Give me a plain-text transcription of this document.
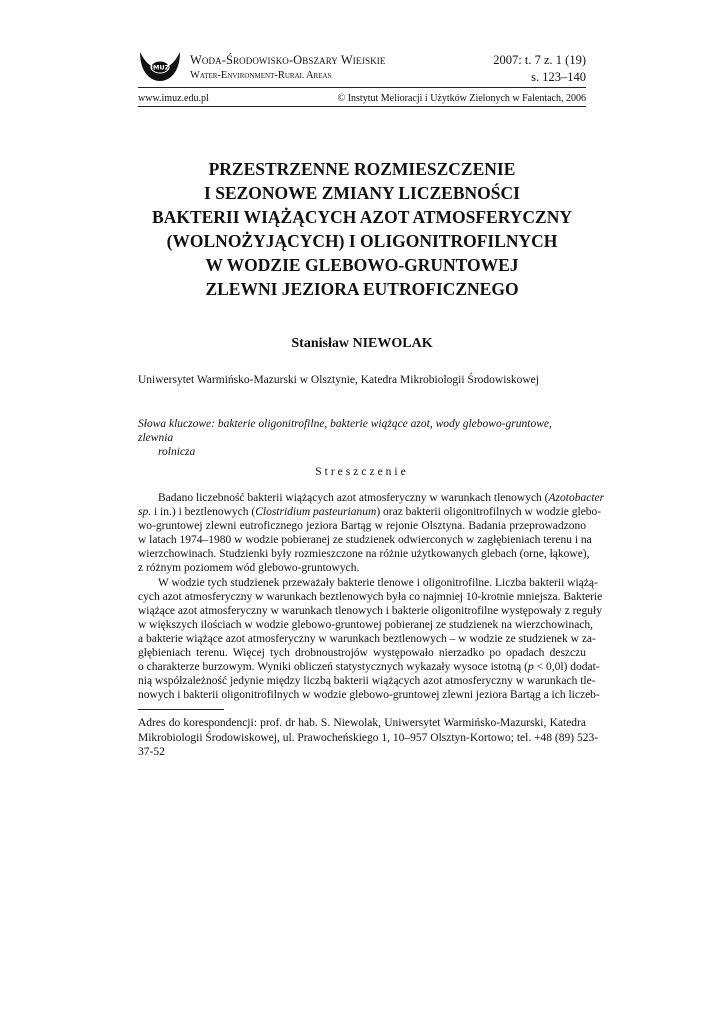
IMUZ
Woda-Środowisko-Obszary Wiejskie
Water-Environment-Rural Areas
2007: t. 7 z. 1 (19)
s. 123–140
www.imuz.edu.pl	© Instytut Melioracji i Użytków Zielonych w Falentach, 2006
PRZESTRZENNE ROZMIESZCZENIE
I SEZONOWE ZMIANY LICZEBNOŚCI
BAKTERII WIĄŻĄCYCH AZOT ATMOSFERYCZNY
(WOLNOŻYJĄCYCH) I OLIGONITROFILNYCH
W WODZIE GLEBOWO-GRUNTOWEJ
ZLEWNI JEZIORA EUTROFICZNEGO
Stanisław NIEWOLAK
Uniwersytet Warmińsko-Mazurski w Olsztynie, Katedra Mikrobiologii Środowiskowej
Słowa kluczowe: bakterie oligonitrofilne, bakterie wiążące azot, wody glebowo-gruntowe, zlewnia
rolnicza
Streszczenie
Badano liczebność bakterii wiążących azot atmosferyczny w warunkach tlenowych (Azotobacter
sp. i in.) i beztlenowych (Clostridium pasteurianum) oraz bakterii oligonitrofilnych w wodzie glebo-
wo-gruntowej zlewni eutroficznego jeziora Bartąg w rejonie Olsztyna. Badania przeprowadzono
w latach 1974–1980 w wodzie pobieranej ze studzienek odwierconych w zagłębieniach terenu i na
wierzchowinach. Studzienki były rozmieszczone na różnie użytkowanych glebach (orne, łąkowe),
z różnym poziomem wód glebowo-gruntowych.
W wodzie tych studzienek przeważały bakterie tlenowe i oligonitrofilne. Liczba bakterii wiążą-
cych azot atmosferyczny w warunkach beztlenowych była co najmniej 10-krotnie mniejsza. Bakterie
wiążące azot atmosferyczny w warunkach tlenowych i bakterie oligonitrofilne występowały z reguły
w większych ilościach w wodzie glebowo-gruntowej pobieranej ze studzienek na wierzchowinach,
a bakterie wiążące azot atmosferyczny w warunkach beztlenowych – w wodzie ze studzienek w za-
głębieniach terenu. Więcej tych drobnoustrojów występowało nierzadko po opadach deszczu
o charakterze burzowym. Wyniki obliczeń statystycznych wykazały wysoce istotną (p < 0,0l) dodat-
nią współzależność jedynie między liczbą bakterii wiążących azot atmosferyczny w warunkach tle-
nowych i bakterii oligonitrofilnych w wodzie glebowo-gruntowej zlewni jeziora Bartąg a ich liczeb-
Adres do korespondencji: prof. dr hab. S. Niewolak, Uniwersytet Warmińsko-Mazurski, Katedra
Mikrobiologii Środowiskowej, ul. Prawocheńskiego 1, 10–957 Olsztyn-Kortowo; tel. +48 (89) 523-
37-52
